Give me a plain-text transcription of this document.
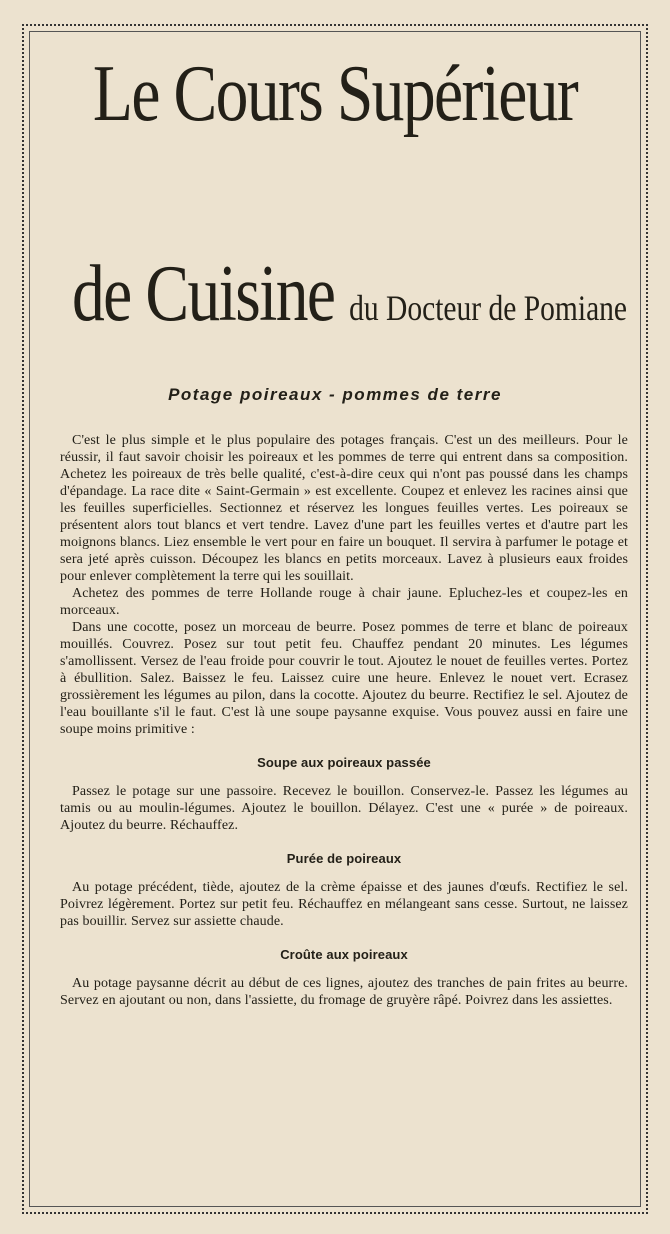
Le Cours Supérieur
de Cuisine du Docteur de Pomiane
Potage poireaux - pommes de terre

C'est le plus simple et le plus populaire des potages français. C'est un des meilleurs. Pour le réussir, il faut savoir choisir les poireaux et les pommes de terre qui entrent dans sa composition. Achetez les poireaux de très belle qualité, c'est-à-dire ceux qui n'ont pas poussé dans les champs d'épandage. La race dite « Saint-Germain » est excellente. Coupez et enlevez les racines ainsi que les feuilles superficielles. Sectionnez et réservez les longues feuilles vertes. Les poireaux se présentent alors tout blancs et vert tendre. Lavez d'une part les feuilles vertes et d'autre part les moignons blancs. Liez ensemble le vert pour en faire un bouquet. Il servira à parfumer le potage et sera jeté après cuisson. Découpez les blancs en petits morceaux. Lavez à plusieurs eaux froides pour enlever complètement la terre qui les souillait.

Achetez des pommes de terre Hollande rouge à chair jaune. Epluchez-les et coupez-les en morceaux.

Dans une cocotte, posez un morceau de beurre. Posez pommes de terre et blanc de poireaux mouillés. Couvrez. Posez sur tout petit feu. Chauffez pendant 20 minutes. Les légumes s'amollissent. Versez de l'eau froide pour couvrir le tout. Ajoutez le nouet de feuilles vertes. Portez à ébullition. Salez. Baissez le feu. Laissez cuire une heure. Enlevez le nouet vert. Ecrasez grossièrement les légumes au pilon, dans la cocotte. Ajoutez du beurre. Rectifiez le sel. Ajoutez de l'eau bouillante s'il le faut. C'est là une soupe paysanne exquise. Vous pouvez aussi en faire une soupe moins primitive :

Soupe aux poireaux passée

Passez le potage sur une passoire. Recevez le bouillon. Conservez-le. Passez les légumes au tamis ou au moulin-légumes. Ajoutez le bouillon. Délayez. C'est une « purée » de poireaux. Ajoutez du beurre. Réchauffez.

Purée de poireaux

Au potage précédent, tiède, ajoutez de la crème épaisse et des jaunes d'œufs. Rectifiez le sel. Poivrez légèrement. Portez sur petit feu. Réchauffez en mélangeant sans cesse. Surtout, ne laissez pas bouillir. Servez sur assiette chaude.

Croûte aux poireaux

Au potage paysanne décrit au début de ces lignes, ajoutez des tranches de pain frites au beurre. Servez en ajoutant ou non, dans l'assiette, du fromage de gruyère râpé. Poivrez dans les assiettes.
